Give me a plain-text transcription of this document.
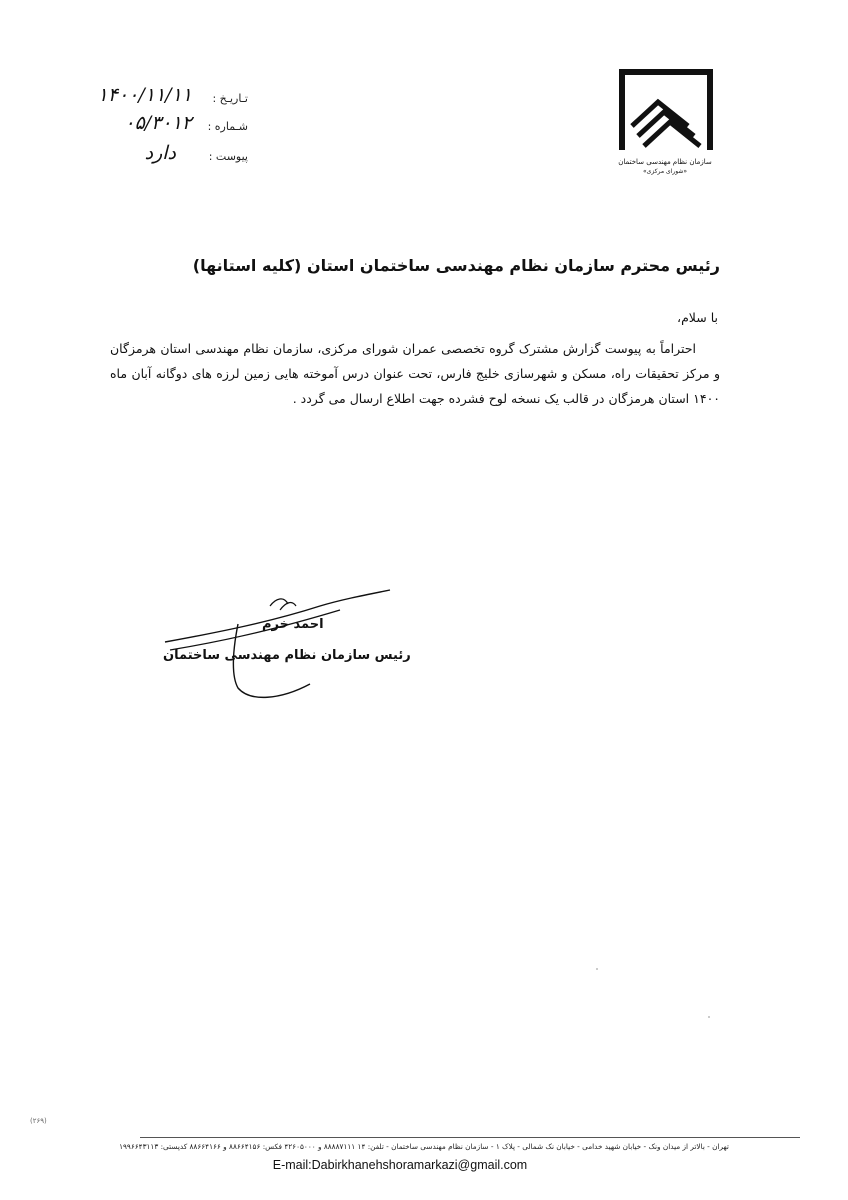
سازمان نظام مهندسی ساختمان
«شورای مرکزی»
تـاریـخ :
۱۴۰۰/۱۱/۱۱
شـماره :
۰۵/۳۰۱۲
پیوست :
دارد
رئیس محترم سازمان نظام مهندسی ساختمان استان (کلیه استانها)
با سلام،
احتراماً به پیوست گزارش مشترک گروه تخصصی عمران شورای مرکزی، سازمان نظام مهندسی استان هرمزگان و مرکز تحقیقات راه، مسکن و شهرسازی خلیج فارس، تحت عنوان درس آموخته هایی زمین لرزه های دوگانه آبان ماه ۱۴۰۰ استان هرمزگان در قالب یک نسخه لوح فشرده جهت اطلاع ارسال می گردد .
احمد خرم
رئیس سازمان نظام مهندسی ساختمان
(۲۶۹)
تهران - بالاتر از میدان ونک - خیابان شهید خدامی - خیابان نک شمالی - پلاک ۱ - سازمان نظام مهندسی ساختمان - تلفن: ۱۴ ۸۸۸۸۷۱۱۱ و ۴۲۶۰۵۰۰۰ فکس: ۸۸۶۶۴۱۵۶ و ۸۸۶۶۴۱۶۶ کدپستی: ۱۹۹۶۶۴۳۱۱۳
E-mail:Dabirkhanehshoramarkazi@gmail.com
